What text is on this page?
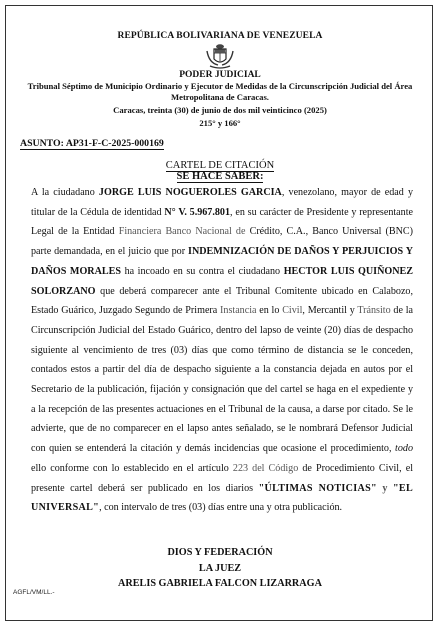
REPÚBLICA BOLIVARIANA DE VENEZUELA
PODER JUDICIAL
Tribunal Séptimo de Municipio Ordinario y Ejecutor de Medidas de la Circunscripción Judicial del Área Metropolitana de Caracas.
Caracas, treinta (30) de junio de dos mil veinticinco (2025)
215° y 166°
ASUNTO: AP31-F-C-2025-000169
CARTEL DE CITACIÓN
SE HACE SABER:
A la ciudadano JORGE LUIS NOGUEROLES GARCIA, venezolano, mayor de edad y titular de la Cédula de identidad N° V. 5.967.801, en su carácter de Presidente y representante Legal de la Entidad Financiera Banco Nacional de Crédito, C.A., Banco Universal (BNC) parte demandada, en el juicio que por INDEMNIZACIÓN DE DAÑOS Y PERJUICIOS Y DAÑOS MORALES ha incoado en su contra el ciudadano HECTOR LUIS QUIÑONEZ SOLORZANO que deberá comparecer ante el Tribunal Comitente ubicado en Calabozo, Estado Guárico, Juzgado Segundo de Primera Instancia en lo Civil, Mercantil y Tránsito de la Circunscripción Judicial del Estado Guárico, dentro del lapso de veinte (20) días de despacho siguiente al vencimiento de tres (03) días que como término de distancia se le conceden, contados estos a partir del día de despacho siguiente a la constancia dejada en autos por el Secretario de la publicación, fijación y consignación que del cartel se haga en el expediente y a la recepción de las presentes actuaciones en el Tribunal de la causa, a darse por citado. Se le advierte, que de no comparecer en el lapso antes señalado, se le nombrará Defensor Judicial con quien se entenderá la citación y demás incidencias que ocasione el procedimiento, todo ello conforme con lo establecido en el artículo 223 del Código de Procedimiento Civil, el presente cartel deberá ser publicado en los diarios "ÚLTIMAS NOTICIAS" y "EL UNIVERSAL", con intervalo de tres (03) días entre una y otra publicación.
DIOS Y FEDERACIÓN
LA JUEZ
ARELIS GABRIELA FALCON LIZARRAGA
AGFL/VM/LL.-
